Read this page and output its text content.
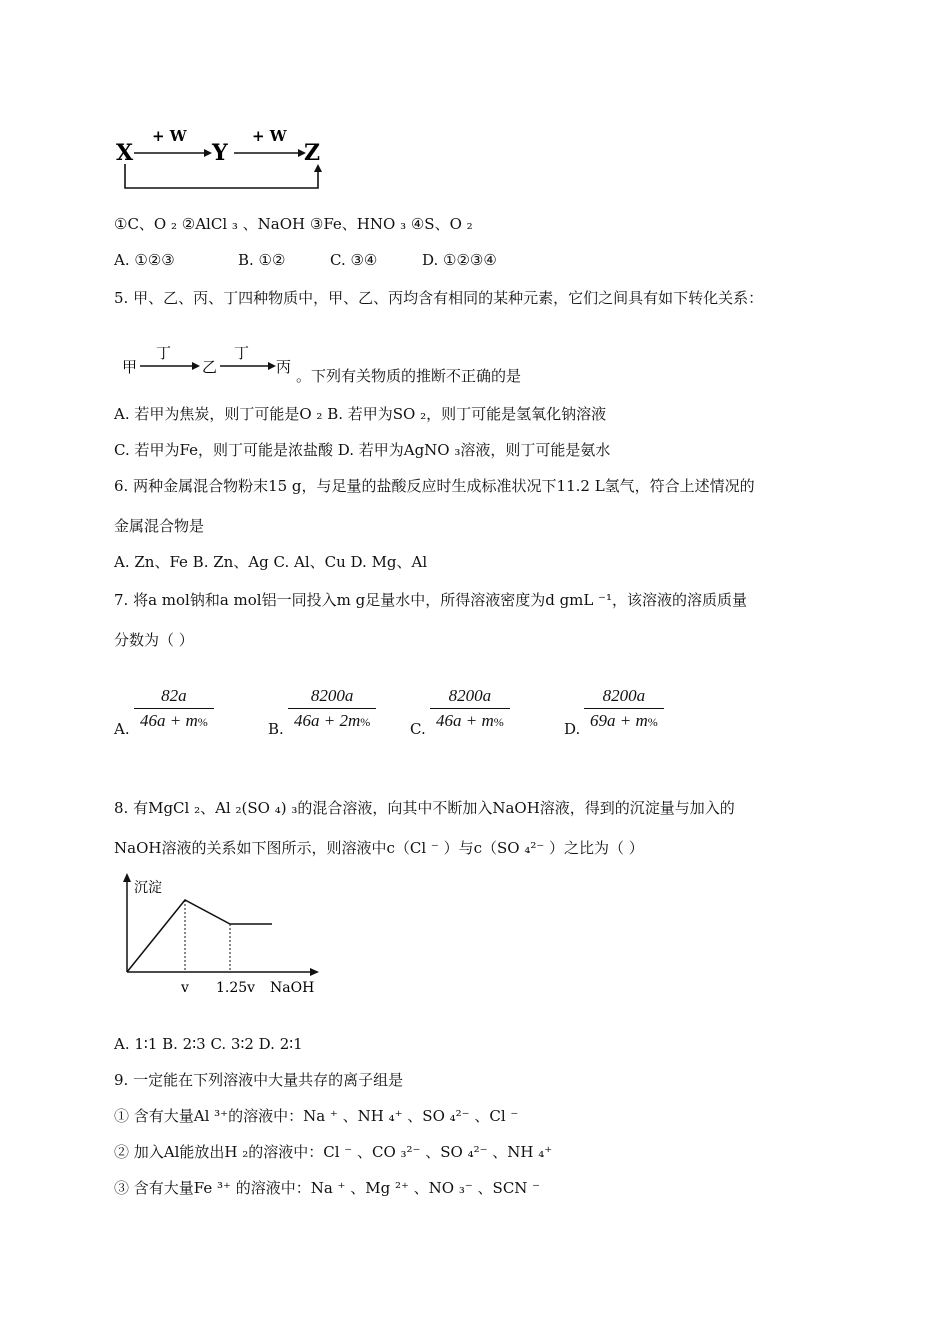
X
+ W
Y
+ W
Z
①C、O ₂ ②AlCl ₃ 、NaOH ③Fe、HNO ₃ ④S、O ₂
A. ①②③	B. ①②	C. ③④	D. ①②③④
5. 甲、乙、丙、丁四种物质中，甲、乙、丙均含有相同的某种元素，它们之间具有如下转化关系：
甲
丁
乙
丁
丙 。下列有关物质的推断不正确的是
A. 若甲为焦炭，则丁可能是O ₂ B. 若甲为SO ₂，则丁可能是氢氧化钠溶液
C. 若甲为Fe，则丁可能是浓盐酸 D. 若甲为AgNO ₃溶液，则丁可能是氨水
6. 两种金属混合物粉末15 g，与足量的盐酸反应时生成标准状况下11.2 L氢气，符合上述情况的
金属混合物是
A. Zn、Fe B. Zn、Ag C. Al、Cu D. Mg、Al
7. 将a mol钠和a mol铝一同投入m g足量水中，所得溶液密度为d gmL ⁻¹，该溶液的溶质质量
分数为（ ）
A. $\frac{82a}{46a + m\%}$	B. $\frac{8200a}{46a + 2m\%} C$. $\frac{8200a}{46a + m\%}$	D. $\frac{8200a}{69a + m\%}$
8. 有MgCl ₂、Al ₂(SO ₄) ₃的混合溶液，向其中不断加入NaOH溶液，得到的沉淀量与加入的
NaOH溶液的关系如下图所示，则溶液中c（Cl ⁻ ）与c（SO ₄²⁻ ）之比为（ ）
沉淀
v 1.25v NaOH
A. 1∶1 B. 2∶3 C. 3∶2 D. 2∶1
9. 一定能在下列溶液中大量共存的离子组是
① 含有大量Al ³⁺的溶液中：Na ⁺ 、NH ₄⁺ 、SO ₄²⁻ 、Cl ⁻
② 加入Al能放出H ₂的溶液中：Cl ⁻ 、CO ₃²⁻ 、SO ₄²⁻ 、NH ₄⁺
③ 含有大量Fe ³⁺ 的溶液中：Na ⁺ 、Mg ²⁺ 、NO ₃⁻ 、SCN ⁻
